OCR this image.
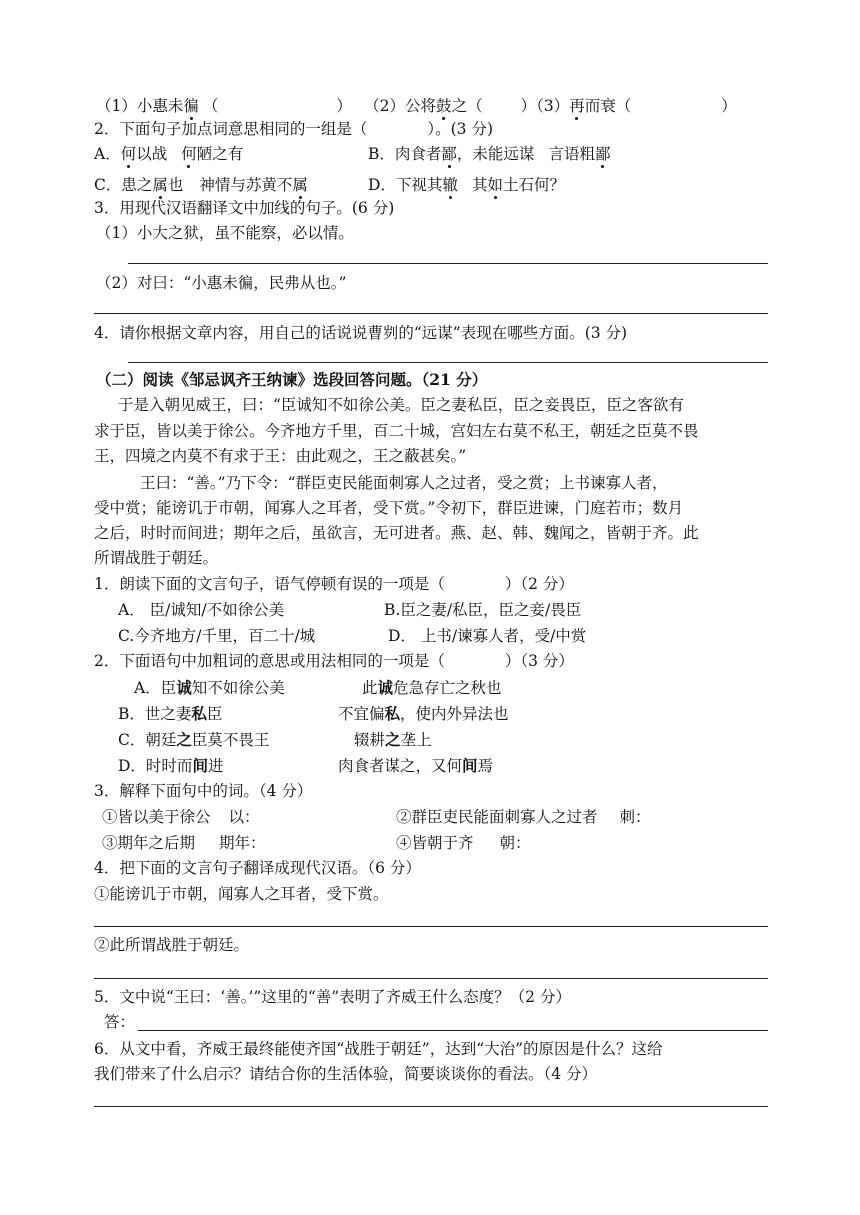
（1）小惠未徧 （	） （2）公将鼓之（ ）（3）再而衰（	）
2．下面句子加点词意思相同的一组是（	）。(3 分)
A．何以战 何陋之有	B．肉食者鄙，未能远谋 言语粗鄙
C．患之属也 神情与苏黄不属	D．下视其辙 其如土石何？
3．用现代汉语翻译文中加线的句子。(6 分)
（1）小大之狱，虽不能察，必以情。
（2）对曰：“小惠未徧，民弗从也。”
4．请你根据文章内容，用自己的话说说曹刿的“远谋”表现在哪些方面。(3 分)
（二）阅读《邹忌讽齐王纳谏》选段回答问题。（21 分）
于是入朝见威王，曰：“臣诚知不如徐公美。臣之妻私臣，臣之妾畏臣，臣之客欲有
求于臣，皆以美于徐公。今齐地方千里，百二十城，宫妇左右莫不私王，朝廷之臣莫不畏
王，四境之内莫不有求于王：由此观之，王之蔽甚矣。”
王曰：“善。”乃下令：“群臣吏民能面刺寡人之过者，受之赏；上书谏寡人者，
受中赏；能谤讥于市朝，闻寡人之耳者，受下赏。”令初下，群臣进谏，门庭若市；数月
之后，时时而间进；期年之后，虽欲言，无可进者。燕、赵、韩、魏闻之，皆朝于齐。此
所谓战胜于朝廷。
1．朗读下面的文言句子，语气停顿有误的一项是（	）（2 分）
A． 臣/诚知/不如徐公美	B.臣之妻/私臣，臣之妾/畏臣
C.今齐地方/千里，百二十/城	D． 上书/谏寡人者，受/中赏
2．下面语句中加粗词的意思或用法相同的一项是（	）（3 分）
A．臣诚知不如徐公美	此诚危急存亡之秋也
B．世之妻私臣	不宜偏私，使内外异法也
C．朝廷之臣莫不畏王	辍耕之垄上
D．时时而间进	肉食者谋之，又何间焉
3．解释下面句中的词。（4 分）
①皆以美于徐公 以：	②群臣吏民能面刺寡人之过者 刺：
③期年之后期 期年：	④皆朝于齐 朝：
4．把下面的文言句子翻译成现代汉语。（6 分）
①能谤讥于市朝，闻寡人之耳者，受下赏。
②此所谓战胜于朝廷。
5．文中说“王曰：‘善。’”这里的“善”表明了齐威王什么态度？（2 分）
答：
6．从文中看，齐威王最终能使齐国“战胜于朝廷”，达到“大治”的原因是什么？这给
我们带来了什么启示？请结合你的生活体验，简要谈谈你的看法。（4 分）
